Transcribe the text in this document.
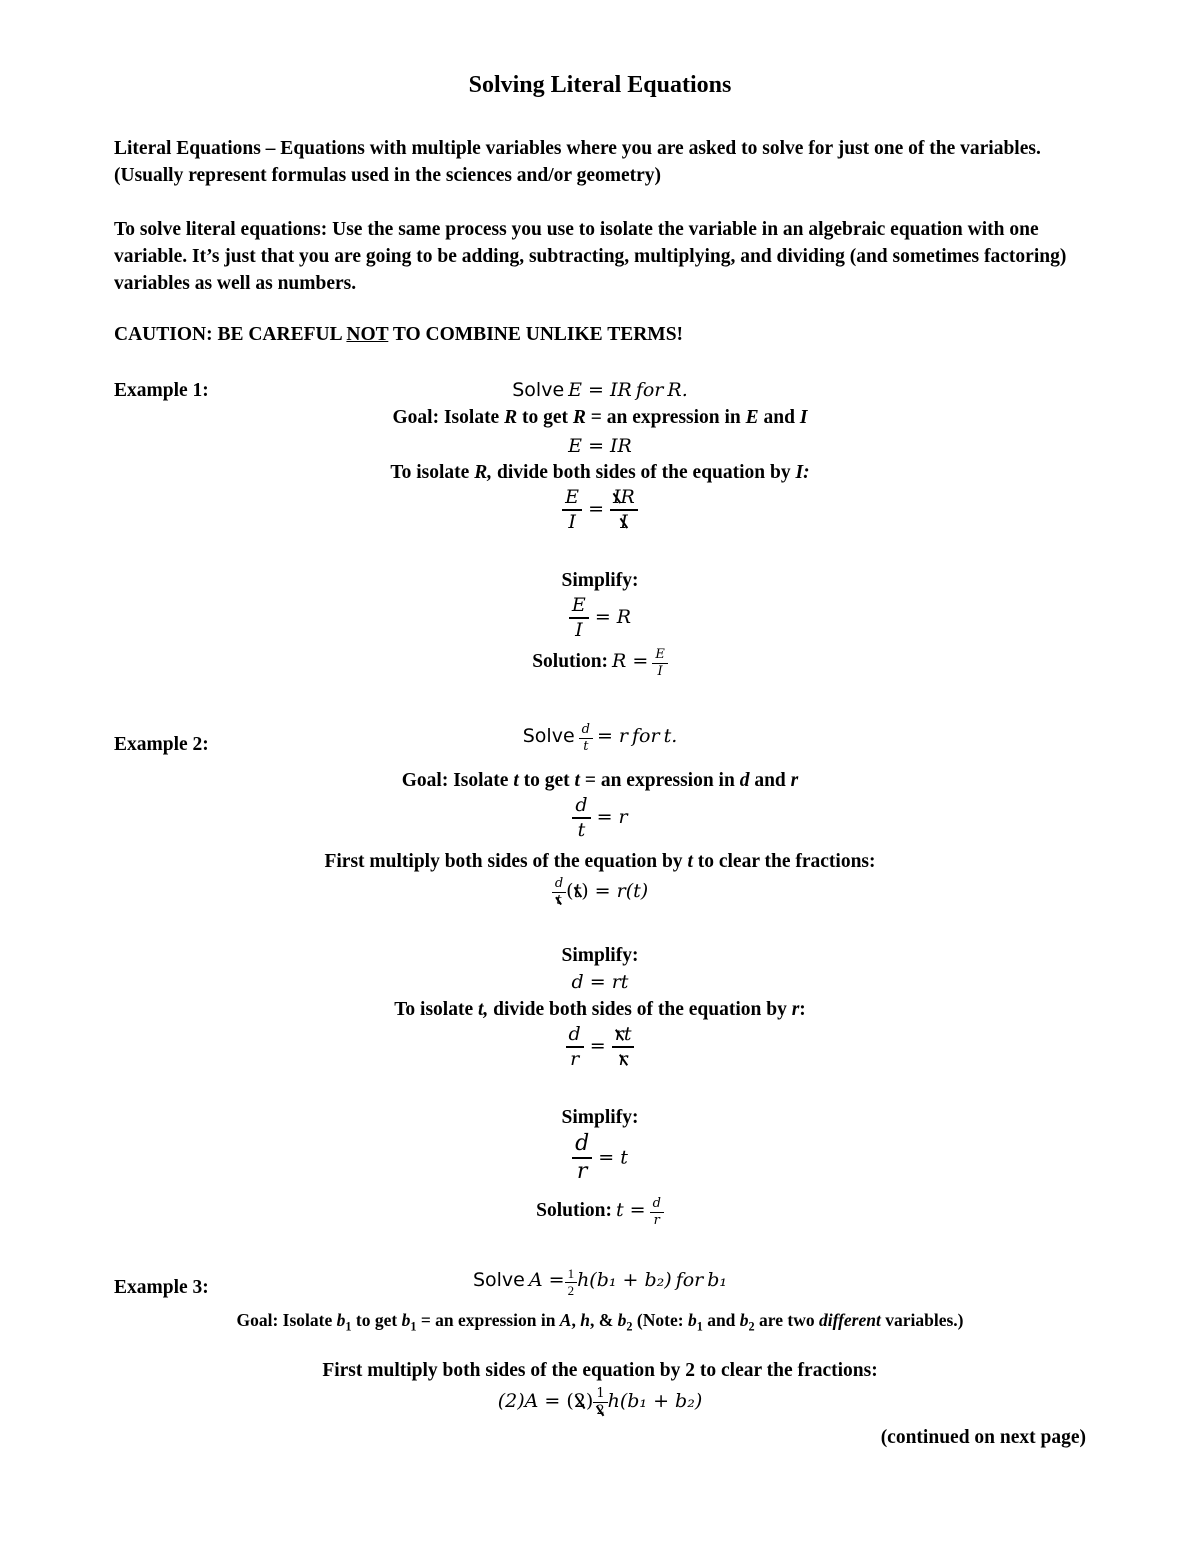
Solving Literal Equations
Literal Equations – Equations with multiple variables where you are asked to solve for just one of the variables. (Usually represent formulas used in the sciences and/or geometry)
To solve literal equations: Use the same process you use to isolate the variable in an algebraic equation with one variable. It’s just that you are going to be adding, subtracting, multiplying, and dividing (and sometimes factoring) variables as well as numbers.
CAUTION: BE CAREFUL NOT TO COMBINE UNLIKE TERMS!
Example 1:	Solve E = IR for R.
Goal: Isolate R to get R = an expression in E and I
E = IR
To isolate R, divide both sides of the equation by I:
$\frac{E}{I} = \frac{IR}{I}$
Simplify:
$\frac{E}{I} = R$
Solution: $R = \frac{E}{I}$
Example 2:	Solve $\frac{d}{t} = r$ for t.
Goal: Isolate t to get t = an expression in d and r
$\frac{d}{t} = r$
First multiply both sides of the equation by t to clear the fractions:
$\frac{d}{t} (t) = r(t)$
Simplify:
d = rt
To isolate t, divide both sides of the equation by r:
$\frac{d}{r} = \frac{rt}{r}$
Simplify:
$\frac{d}{r} = t$
Solution: $t = \frac{d}{r}$
Example 3:	Solve $A = \frac{1}{2} h(b_1 + b_2)$ for b₁
Goal: Isolate $b_1$ to get $b_1$ = an expression in A, h, & $b_2$ (Note: $b_1$ and $b_2$ are two different variables.)
First multiply both sides of the equation by 2 to clear the fractions:
$(2)A = (2) \frac{1}{2} h(b_1 + b_2)$
(continued on next page)
